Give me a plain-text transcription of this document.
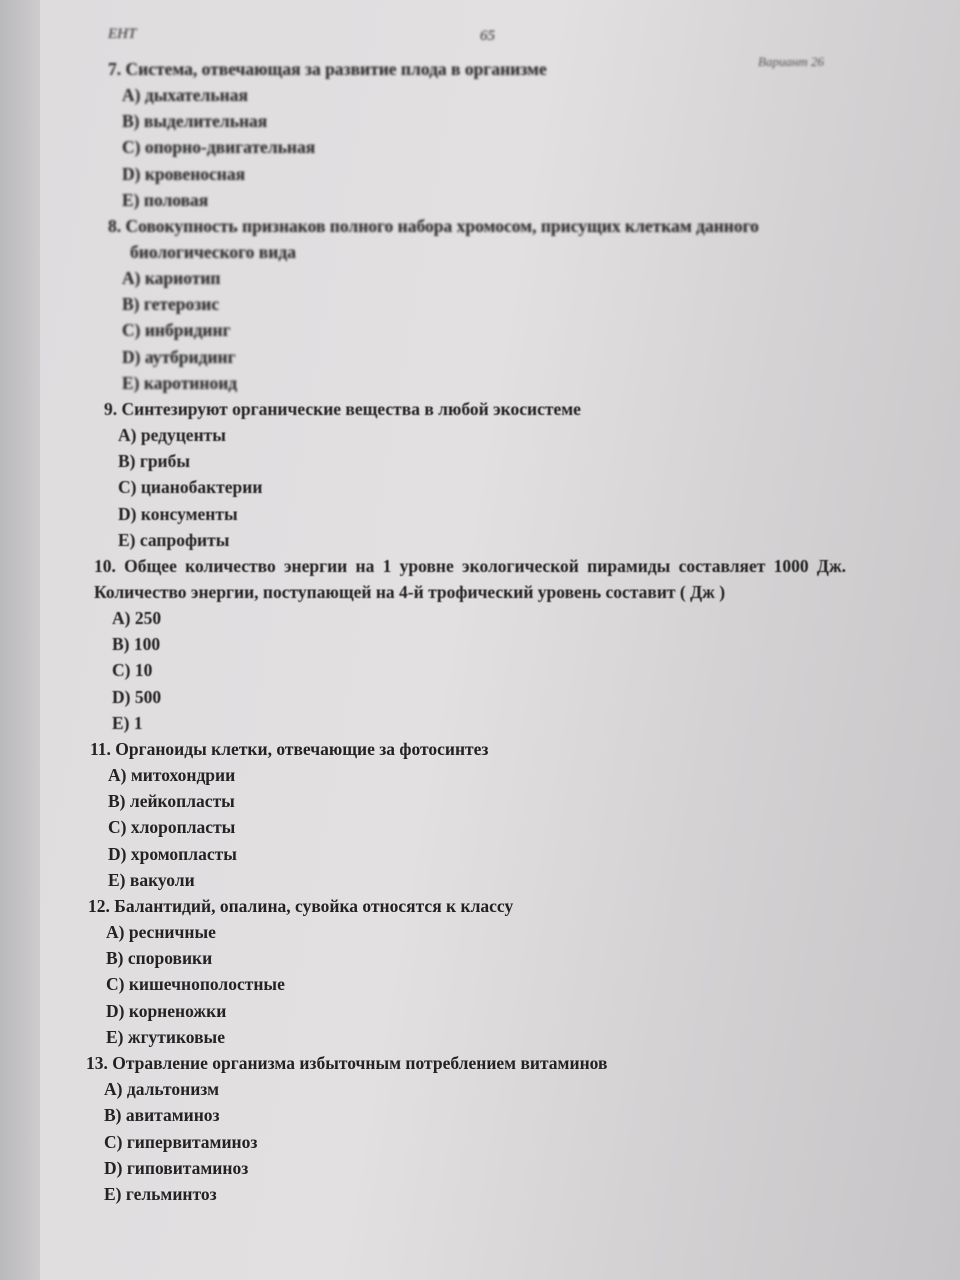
ЕНТ	65
Вариант 26

7. Система, отвечающая за развитие плода в организме

A) дыхательная
B) выделительная
C) опорно-двигательная
D) кровеносная
E) половая

8. Совокупность признаков полного набора хромосом, присущих клеткам данного биологического вида

A) кариотип
B) гетерозис
C) инбридинг
D) аутбридинг
E) каротиноид

9. Синтезируют органические вещества в любой экосистеме

A) редуценты
B) грибы
C) цианобактерии
D) консументы
E) сапрофиты

10. Общее количество энергии на 1 уровне экологической пирамиды составляет 1000 Дж. Количество энергии, поступающей на 4-й трофический уровень составит ( Дж )

A) 250
B) 100
C) 10
D) 500
E) 1

11. Органоиды клетки, отвечающие за фотосинтез

A) митохондрии
B) лейкопласты
C) хлоропласты
D) хромопласты
E) вакуоли

12. Балантидий, опалина, сувойка относятся к классу

A) ресничные
B) споровики
C) кишечнополостные
D) корненожки
E) жгутиковые

13. Отравление организма избыточным потреблением витаминов

A) дальтонизм
B) авитаминоз
C) гипервитаминоз
D) гиповитаминоз
E) гельминтоз
